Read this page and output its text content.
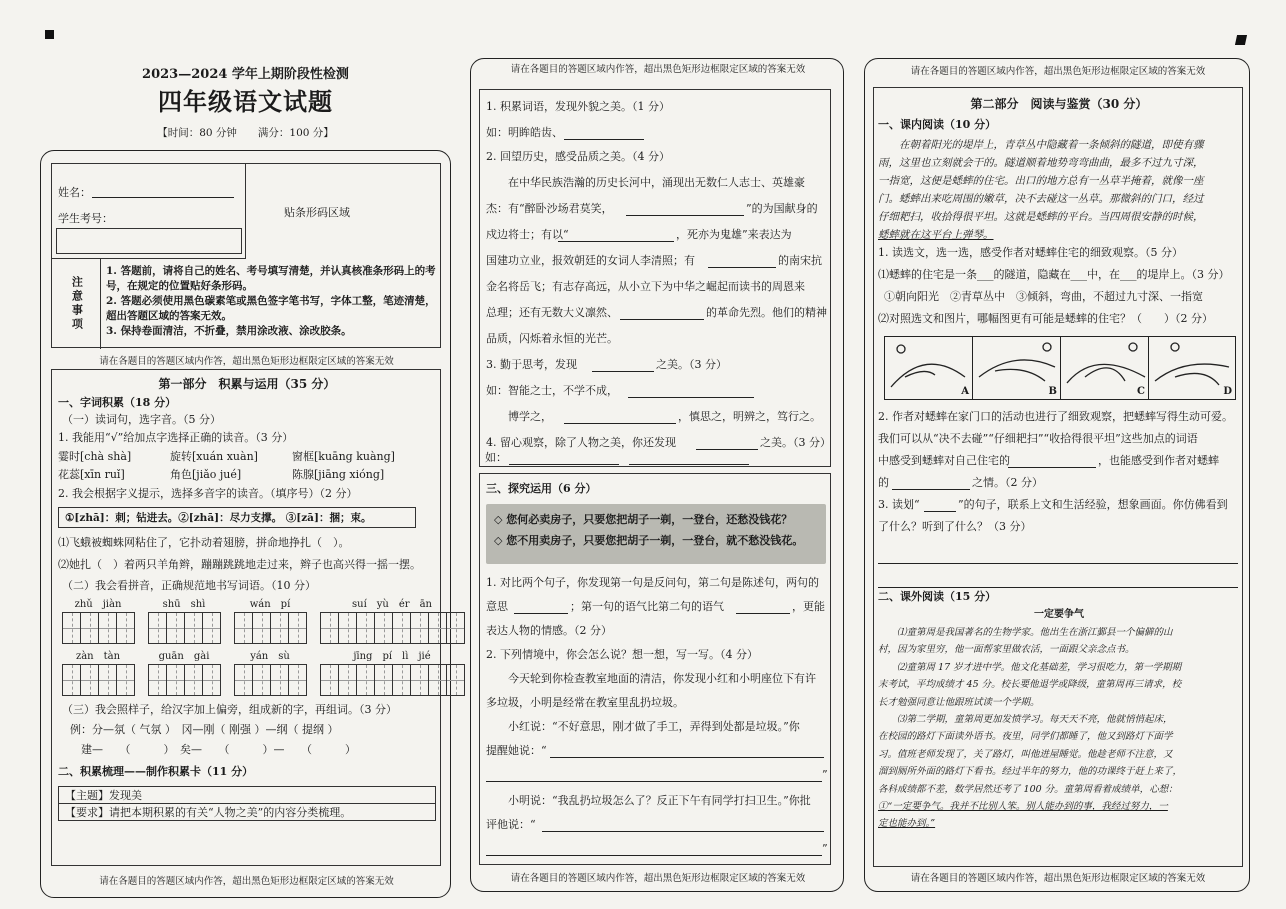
2023—2024 学年上期阶段性检测
四年级语文试题
【时间：80 分钟　　满分：100 分】
姓名：
学生考号：	贴条形码区域
注意事项
1. 答题前，请将自己的姓名、考号填写清楚，并认真核准条形码上的考号，在规定的位置贴好条形码。
2. 答题必须使用黑色碳素笔或黑色签字笔书写，字体工整，笔迹清楚，超出答题区域的答案无效。
3. 保持卷面清洁，不折叠，禁用涂改液、涂改胶条。
请在各题目的答题区域内作答，超出黑色矩形边框限定区域的答案无效
第一部分　积累与运用（35 分）
一、字词积累（18 分）
（一）读词句，选字音。（5 分）
1. 我能用“√”给加点字选择正确的读音。（3 分）
霎时[chà shà]	旋转[xuán xuàn]	窗框[kuāng kuàng]
花蕊[xīn ruǐ]	角色[jiǎo jué]	陈腺[jiāng xióng]
2. 我会根据字义提示，选择多音字的读音。（填序号）（2 分）
①[zhā]：刺；钻进去。②[zhā]：尽力支撑。 ③[zā]：捆；束。
⑴飞蛾被蜘蛛网粘住了，它扑动着翅膀，拼命地挣扎（　）。
⑵她扎（　）着两只羊角辫，蹦蹦跳跳地走过来，辫子也高兴得一摇一摆。
（二）我会看拼音，正确规范地书写词语。（10 分）
zhǔ　jiàn	shū　shì	wán　pí	suí　yù　ér　ān
zàn　tàn	guān　gài	yán　sù	jīng　pí　lì　jié
（三）我会照样子，给汉字加上偏旁，组成新的字，再组词。（3 分）
例：分—氛（ 气氛 ）　冈—刚（ 刚强 ）—纲（ 提纲 ）
　建—　　（　　　）　矣—　　（　　　）—　　（　　　）
二、积累梳理——制作积累卡（11 分）
【主题】发现美
【要求】请把本期积累的有关“人物之美”的内容分类梳理。
请在各题目的答题区域内作答，超出黑色矩形边框限定区域的答案无效
请在各题目的答题区域内作答，超出黑色矩形边框限定区域的答案无效
1. 积累词语，发现外貌之美。（1 分）
如：明眸皓齿、
2. 回望历史，感受品质之美。（4 分）
　　在中华民族浩瀚的历史长河中，涌现出无数仁人志士、英雄豪
杰：有“醉卧沙场君莫笑，	”的为国献身的
戍边将士；有以“	，死亦为鬼雄”来表达为
国建功立业，报效朝廷的女词人李清照；有	的南宋抗
金名将岳飞；有志存高远，从小立下为中华之崛起而读书的周恩来
总理；还有无数大义凛然、	的革命先烈。他们的精神
品质，闪烁着永恒的光芒。
3. 勤于思考，发现	之美。（3 分）
如：智能之士，不学不成，
　　博学之，	，慎思之，明辨之，笃行之。
4. 留心观察，除了人物之美，你还发现	之美。（3 分）
如：
三、探究运用（6 分）
◇ 您何必卖房子，只要您把胡子一剃，一登台，还愁没钱花？
◇ 您不用卖房子，只要您把胡子一剃，一登台，就不愁没钱花。
1. 对比两个句子，你发现第一句是反问句，第二句是陈述句，两句的
意思	；第一句的语气比第二句的语气	，更能
表达人物的情感。（2 分）
2. 下列情境中，你会怎么说？想一想，写一写。（4 分）
　　今天轮到你检查教室地面的清洁，你发现小红和小明座位下有许
多垃圾，小明是经常在教室里乱扔垃圾。
　　小红说：“不好意思，刚才做了手工，弄得到处都是垃圾。”你
提醒她说：“
”
　　小明说：“我乱扔垃圾怎么了？反正下午有同学打扫卫生。”你批
评他说：“
”
请在各题目的答题区域内作答，超出黑色矩形边框限定区域的答案无效
请在各题目的答题区域内作答，超出黑色矩形边框限定区域的答案无效
第二部分　阅读与鉴赏（30 分）
一、课内阅读（10 分）
　　在朝着阳光的堤岸上，青草丛中隐藏着一条倾斜的隧道，即使有骤
雨，这里也立刻就会干的。隧道顺着地势弯弯曲曲，最多不过九寸深，
一指宽，这便是蟋蟀的住宅。出口的地方总有一丛草半掩着，就像一座
门。蟋蟀出来吃周围的嫩草，决不去碰这一丛草。那微斜的门口，经过
仔细耙扫，收拾得很平坦。这就是蟋蟀的平台。当四周很安静的时候，
蟋蟀就在这平台上弹琴。
1. 读选文，选一选，感受作者对蟋蟀住宅的细致观察。（5 分）
⑴蟋蟀的住宅是一条___的隧道，隐藏在___中，在___的堤岸上。（3 分）
①朝向阳光　②青草丛中　③倾斜，弯曲，不超过九寸深、一指宽
⑵对照选文和图片，哪幅图更有可能是蟋蟀的住宅？（　　）（2 分）
A	B	C	D
2. 作者对蟋蟀在家门口的活动也进行了细致观察，把蟋蟀写得生动可爱。
我们可以从“决不去碰”“仔细耙扫”“收拾得很平坦”这些加点的词语
中感受到蟋蟀对自己住宅的	，也能感受到作者对蟋蟀
的	之情。（2 分）
3. 读划“	”的句子，联系上文和生活经验，想象画面。你仿佛看到
了什么？听到了什么？（3 分）
二、课外阅读（15 分）
一定要争气
　　⑴童第周是我国著名的生物学家。他出生在浙江鄞县一个偏僻的山
村，因为家里穷，他一面帮家里做农活，一面跟父亲念点书。
　　⑵童第周 17 岁才进中学。他文化基础差，学习很吃力，第一学期期
末考试，平均成绩才 45 分。校长要他退学或降级，童第周再三请求，校
长才勉强同意让他跟班试读一个学期。
　　⑶第二学期，童第周更加发愤学习。每天天不亮，他就悄悄起床，
在校园的路灯下面读外语书。夜里，同学们都睡了，他又到路灯下面学
习。值班老师发现了，关了路灯，叫他进屋睡觉。他趁老师不注意，又
溜到厕所外面的路灯下看书。经过半年的努力，他的功课终于赶上来了，
各科成绩都不差，数学居然还考了 100 分。童第周看着成绩单，心想：
①“一定要争气。我并不比别人笨。别人能办到的事，我经过努力，一
定也能办到。”
请在各题目的答题区域内作答，超出黑色矩形边框限定区域的答案无效
